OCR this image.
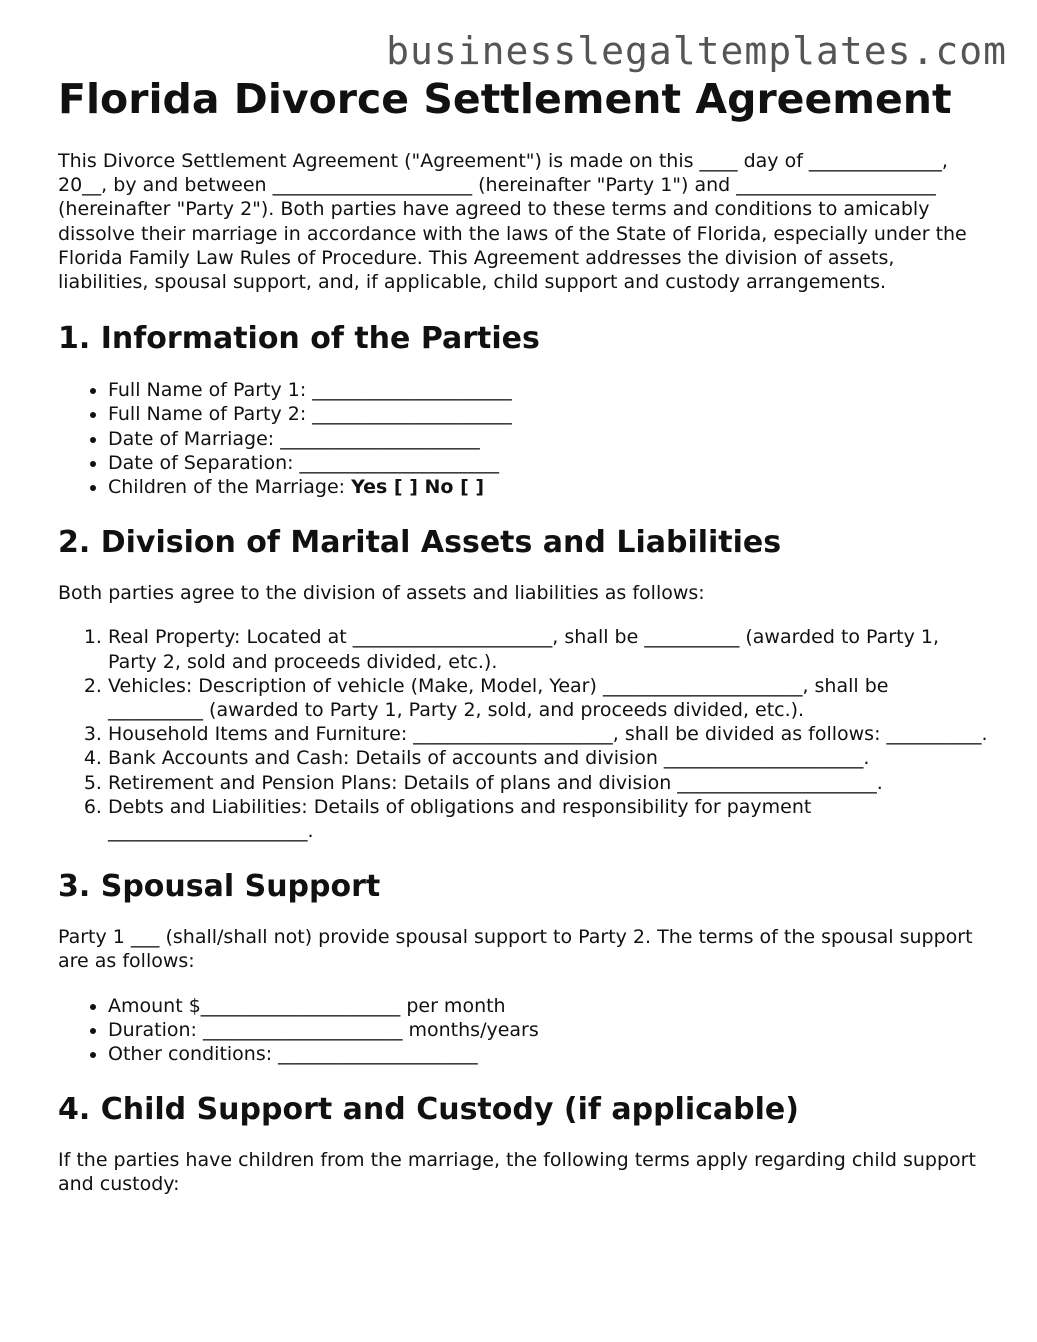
businesslegaltemplates.com
Florida Divorce Settlement Agreement

This Divorce Settlement Agreement ("Agreement") is made on this ____ day of ______________, 20__, by and between _____________________ (hereinafter "Party 1") and _____________________ (hereinafter "Party 2"). Both parties have agreed to these terms and conditions to amicably dissolve their marriage in accordance with the laws of the State of Florida, especially under the Florida Family Law Rules of Procedure. This Agreement addresses the division of assets, liabilities, spousal support, and, if applicable, child support and custody arrangements.

1. Information of the Parties
• Full Name of Party 1: _____________________
• Full Name of Party 2: _____________________
• Date of Marriage: _____________________
• Date of Separation: _____________________
• Children of the Marriage: Yes [ ] No [ ]
2. Division of Marital Assets and Liabilities

Both parties agree to the division of assets and liabilities as follows:

1. Real Property: Located at _____________________, shall be __________ (awarded to Party 1, Party 2, sold and proceeds divided, etc.).
2. Vehicles: Description of vehicle (Make, Model, Year) _____________________, shall be __________ (awarded to Party 1, Party 2, sold, and proceeds divided, etc.).
3. Household Items and Furniture: _____________________, shall be divided as follows: __________.
4. Bank Accounts and Cash: Details of accounts and division _____________________.
5. Retirement and Pension Plans: Details of plans and division _____________________.
6. Debts and Liabilities: Details of obligations and responsibility for payment _____________________.
3. Spousal Support

Party 1 ___ (shall/shall not) provide spousal support to Party 2. The terms of the spousal support are as follows:

• Amount $_____________________ per month
• Duration: _____________________ months/years
• Other conditions: _____________________
4. Child Support and Custody (if applicable)

If the parties have children from the marriage, the following terms apply regarding child support and custody:
